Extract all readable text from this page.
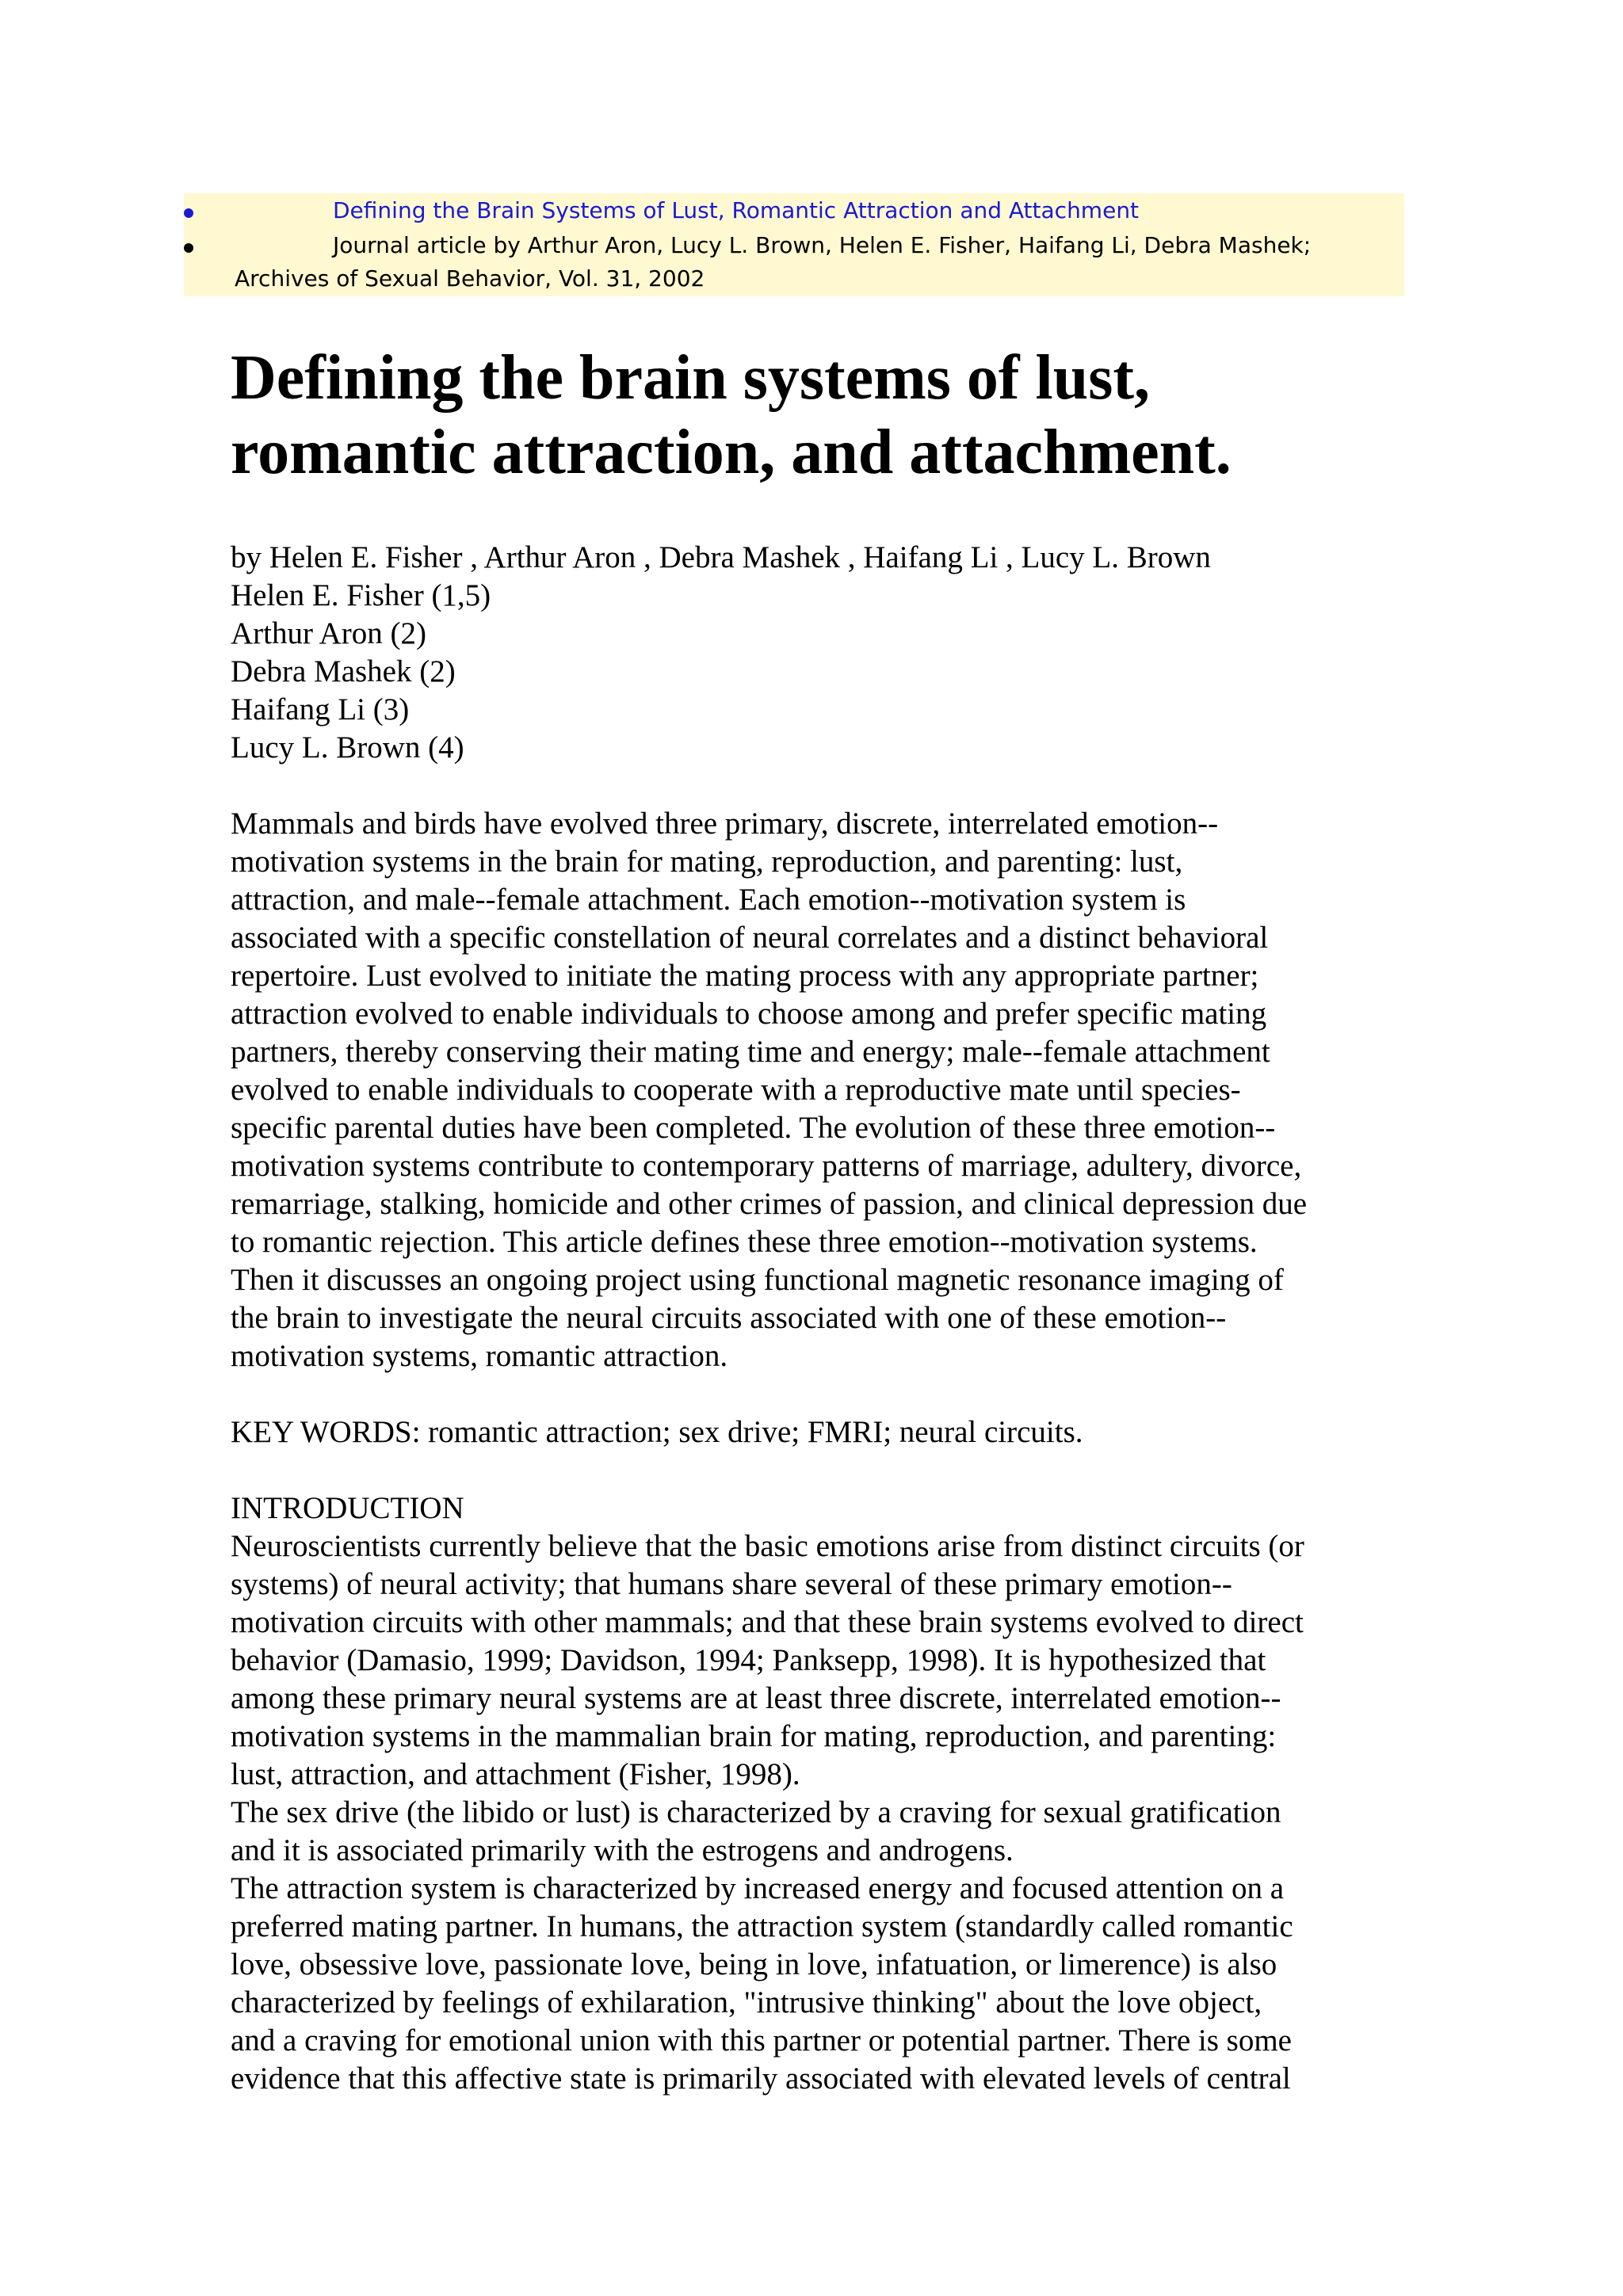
Defining the Brain Systems of Lust, Romantic Attraction and Attachment
Journal article by Arthur Aron, Lucy L. Brown, Helen E. Fisher, Haifang Li, Debra Mashek;
Archives of Sexual Behavior, Vol. 31, 2002
Defining the brain systems of lust,
romantic attraction, and attachment.
by Helen E. Fisher , Arthur Aron , Debra Mashek , Haifang Li , Lucy L. Brown
Helen E. Fisher (1,5)
Arthur Aron (2)
Debra Mashek (2)
Haifang Li (3)
Lucy L. Brown (4)
Mammals and birds have evolved three primary, discrete, interrelated emotion--
motivation systems in the brain for mating, reproduction, and parenting: lust,
attraction, and male--female attachment. Each emotion--motivation system is
associated with a specific constellation of neural correlates and a distinct behavioral
repertoire. Lust evolved to initiate the mating process with any appropriate partner;
attraction evolved to enable individuals to choose among and prefer specific mating
partners, thereby conserving their mating time and energy; male--female attachment
evolved to enable individuals to cooperate with a reproductive mate until species-
specific parental duties have been completed. The evolution of these three emotion--
motivation systems contribute to contemporary patterns of marriage, adultery, divorce,
remarriage, stalking, homicide and other crimes of passion, and clinical depression due
to romantic rejection. This article defines these three emotion--motivation systems.
Then it discusses an ongoing project using functional magnetic resonance imaging of
the brain to investigate the neural circuits associated with one of these emotion--
motivation systems, romantic attraction.
KEY WORDS: romantic attraction; sex drive; FMRI; neural circuits.
INTRODUCTION
Neuroscientists currently believe that the basic emotions arise from distinct circuits (or
systems) of neural activity; that humans share several of these primary emotion--
motivation circuits with other mammals; and that these brain systems evolved to direct
behavior (Damasio, 1999; Davidson, 1994; Panksepp, 1998). It is hypothesized that
among these primary neural systems are at least three discrete, interrelated emotion--
motivation systems in the mammalian brain for mating, reproduction, and parenting:
lust, attraction, and attachment (Fisher, 1998).
The sex drive (the libido or lust) is characterized by a craving for sexual gratification
and it is associated primarily with the estrogens and androgens.
The attraction system is characterized by increased energy and focused attention on a
preferred mating partner. In humans, the attraction system (standardly called romantic
love, obsessive love, passionate love, being in love, infatuation, or limerence) is also
characterized by feelings of exhilaration, "intrusive thinking" about the love object,
and a craving for emotional union with this partner or potential partner. There is some
evidence that this affective state is primarily associated with elevated levels of central
